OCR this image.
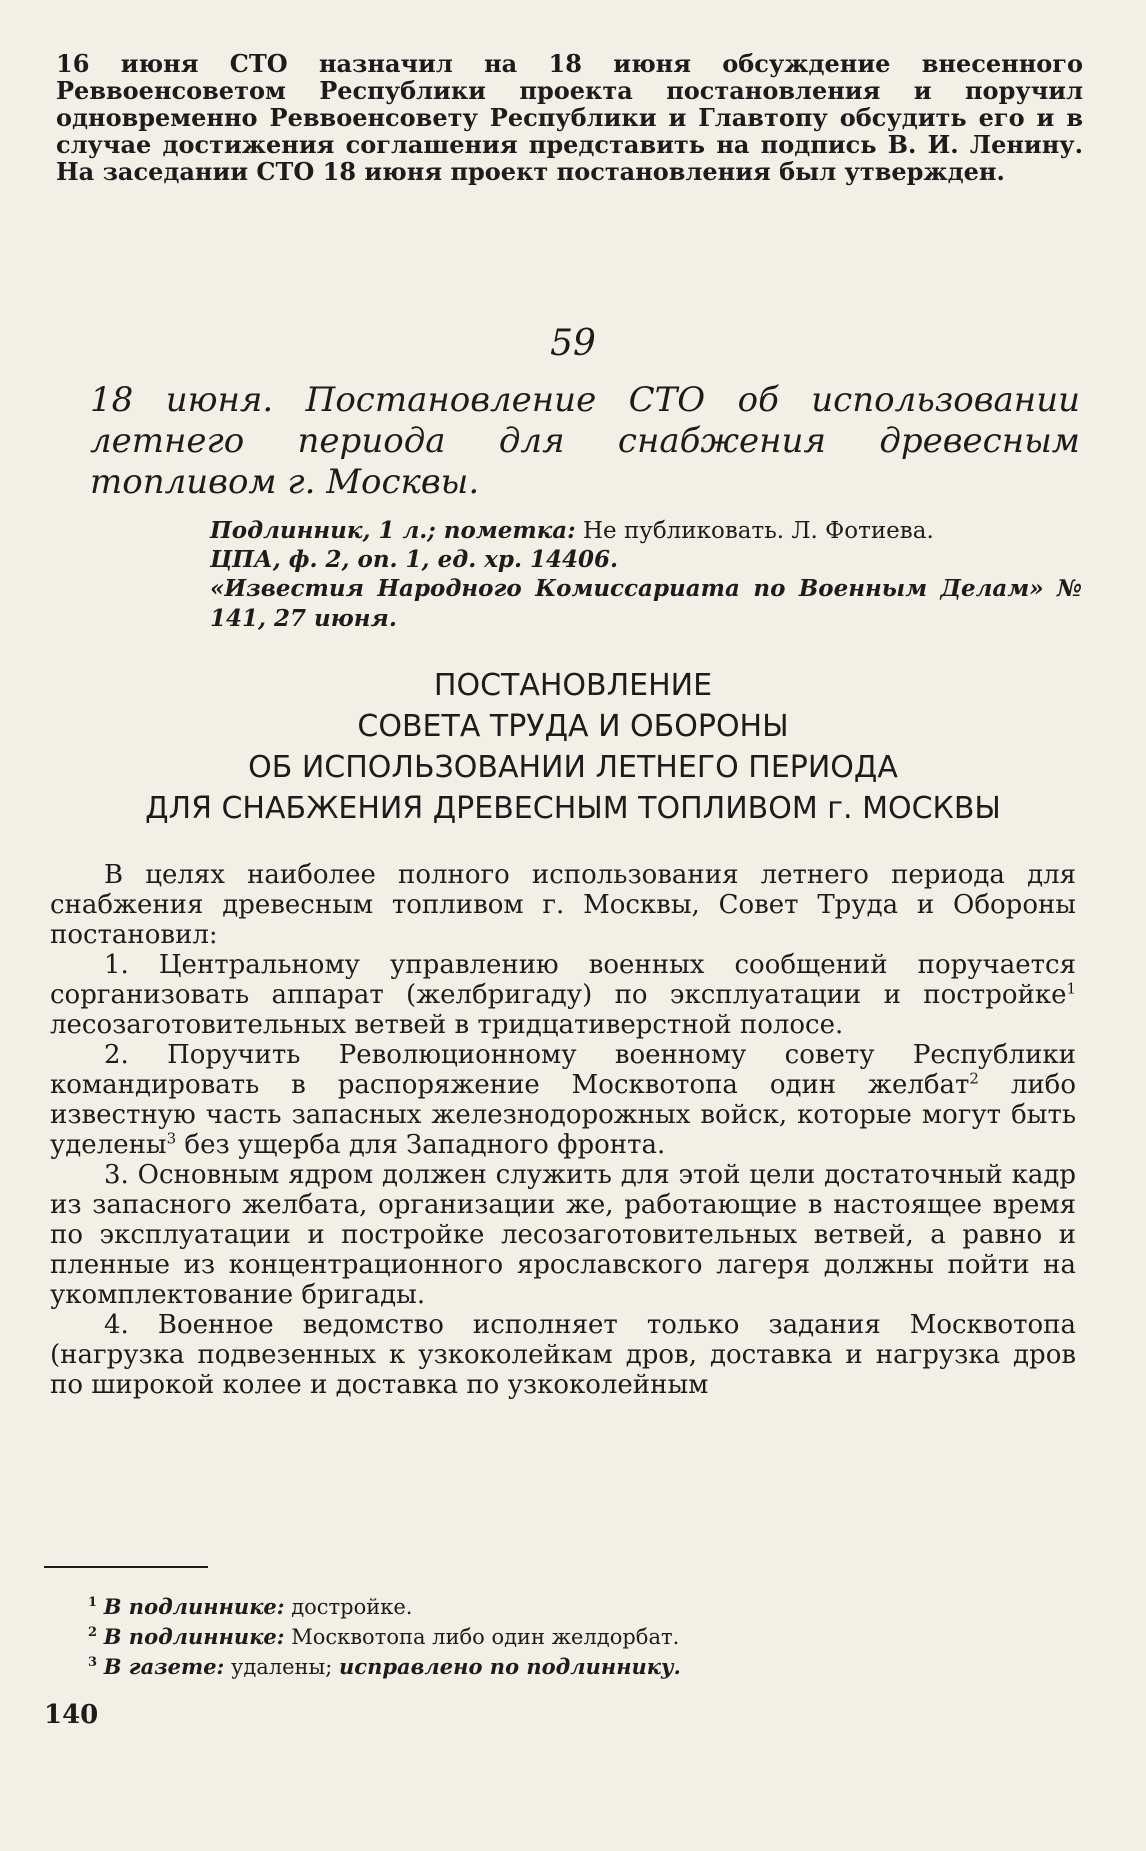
16 июня СТО назначил на 18 июня обсуждение внесенного Реввоенсоветом Республики проекта постановления и поручил одновременно Реввоенсовету Республики и Главтопу обсудить его и в случае достижения соглашения представить на подпись В. И. Ленину. На заседании СТО 18 июня проект постановления был утвержден.

59

18 июня. Постановление СТО об использовании летнего периода для снабжения древесным топливом г. Москвы.

Подлинник, 1 л.; пометка: Не публиковать. Л. Фотиева.

ЦПА, ф. 2, оп. 1, ед. хр. 14406.

«Известия Народного Комиссариата по Военным Делам» № 141, 27 июня.

ПОСТАНОВЛЕНИЕ

СОВЕТА ТРУДА И ОБОРОНЫ

ОБ ИСПОЛЬЗОВАНИИ ЛЕТНЕГО ПЕРИОДА

ДЛЯ СНАБЖЕНИЯ ДРЕВЕСНЫМ ТОПЛИВОМ г. МОСКВЫ

В целях наиболее полного использования летнего периода для снабжения древесным топливом г. Москвы, Совет Труда и Обороны постановил:

1. Центральному управлению военных сообщений поручается сорганизовать аппарат (желбригаду) по эксплуатации и постройке$^1$ лесозаготовительных ветвей в тридцативерстной полосе.

2. Поручить Революционному военному совету Республики командировать в распоряжение Москвотопа один желбат$^2$ либо известную часть запасных железнодорожных войск, которые могут быть уделены$^3$ без ущерба для Западного фронта.

3. Основным ядром должен служить для этой цели достаточный кадр из запасного желбата, организации же, работающие в настоящее время по эксплуатации и постройке лесозаготовительных ветвей, а равно и пленные из концентрационного ярославского лагеря должны пойти на укомплектование бригады.

4. Военное ведомство исполняет только задания Москвотопа (нагрузка подвезенных к узкоколейкам дров, доставка и нагрузка дров по широкой колее и доставка по узкоколейным

$^1$ В подлиннике: достройке.
$^2$ В подлиннике: Москвотопа либо один желдорбат.
$^3$ В газете: удалены; исправлено по подлиннику.

140
